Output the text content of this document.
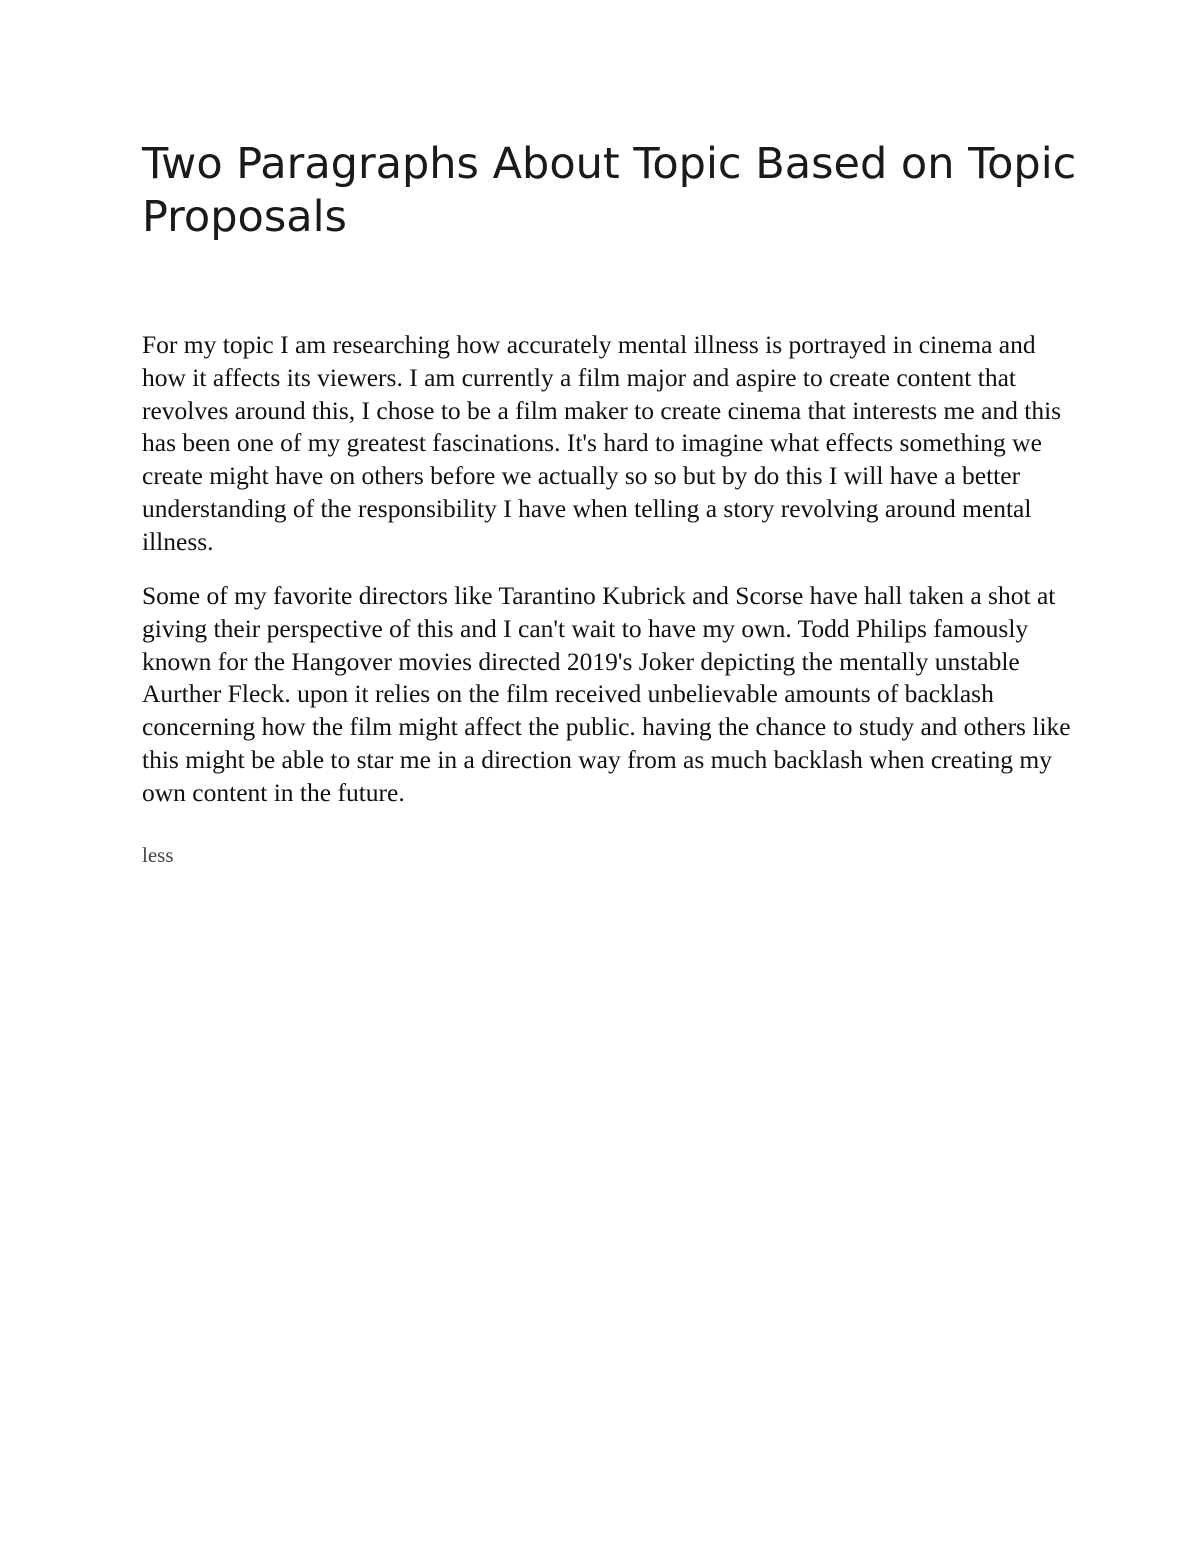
Two Paragraphs About Topic Based on Topic Proposals

For my topic I am researching how accurately mental illness is portrayed in cinema and how it affects its viewers. I am currently a film major and aspire to create content that revolves around this, I chose to be a film maker to create cinema that interests me and this has been one of my greatest fascinations. It's hard to imagine what effects something we create might have on others before we actually so so but by do this I will have a better understanding of the responsibility I have when telling a story revolving around mental illness.

Some of my favorite directors like Tarantino Kubrick and Scorse have hall taken a shot at giving their perspective of this and I can't wait to have my own. Todd Philips famously known for the Hangover movies directed 2019's Joker depicting the mentally unstable Aurther Fleck. upon it relies on the film received unbelievable amounts of backlash concerning how the film might affect the public. having the chance to study and others like this might be able to star me in a direction way from as much backlash when creating my own content in the future.

less
